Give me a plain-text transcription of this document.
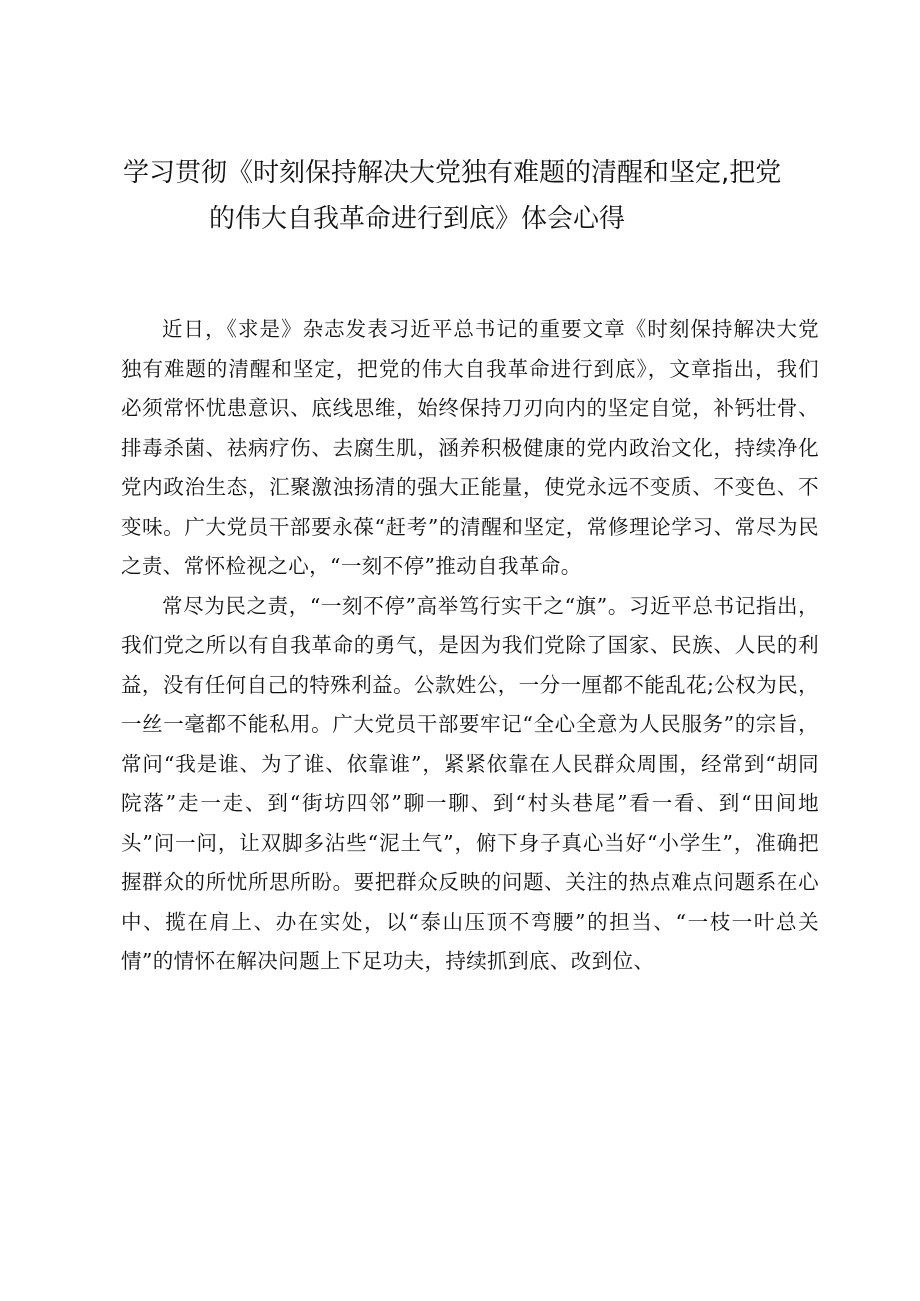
学习贯彻《时刻保持解决大党独有难题的清醒和坚定,把党
的伟大自我革命进行到底》体会心得

近日，《求是》杂志发表习近平总书记的重要文章《时刻保持解决大党独有难题的清醒和坚定，把党的伟大自我革命进行到底》，文章指出，我们必须常怀忧患意识、底线思维，始终保持刀刃向内的坚定自觉，补钙壮骨、排毒杀菌、祛病疗伤、去腐生肌，涵养积极健康的党内政治文化，持续净化党内政治生态，汇聚激浊扬清的强大正能量，使党永远不变质、不变色、不变味。广大党员干部要永葆“赶考”的清醒和坚定，常修理论学习、常尽为民之责、常怀检视之心，“一刻不停”推动自我革命。

常尽为民之责，“一刻不停”高举笃行实干之“旗”。习近平总书记指出，我们党之所以有自我革命的勇气，是因为我们党除了国家、民族、人民的利益，没有任何自己的特殊利益。公款姓公，一分一厘都不能乱花;公权为民，一丝一毫都不能私用。广大党员干部要牢记“全心全意为人民服务”的宗旨，常问“我是谁、为了谁、依靠谁”，紧紧依靠在人民群众周围，经常到“胡同院落”走一走、到“街坊四邻”聊一聊、到“村头巷尾”看一看、到“田间地头”问一问，让双脚多沾些“泥土气”，俯下身子真心当好“小学生”，准确把握群众的所忧所思所盼。要把群众反映的问题、关注的热点难点问题系在心中、揽在肩上、办在实处，以“泰山压顶不弯腰”的担当、“一枝一叶总关情”的情怀在解决问题上下足功夫，持续抓到底、改到位、
